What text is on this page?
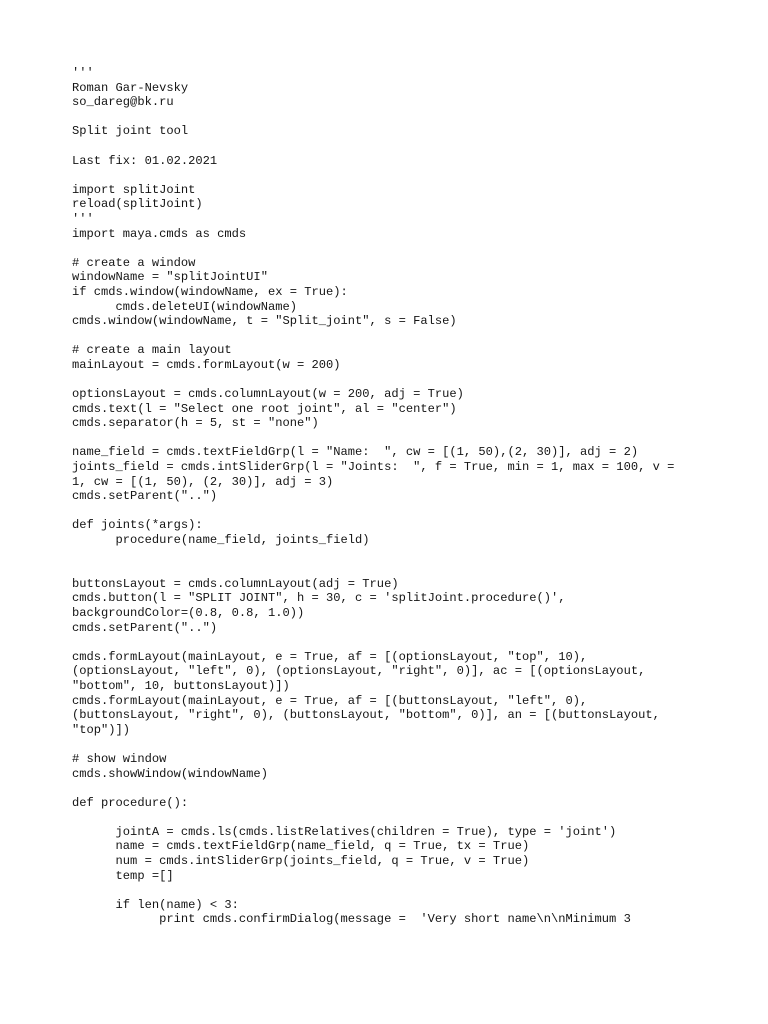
'''
Roman Gar-Nevsky
so_dareg@bk.ru
Split joint tool
Last fix: 01.02.2021
import splitJoint
reload(splitJoint)
'''
import maya.cmds as cmds
# create a window
windowName = "splitJointUI"
if cmds.window(windowName, ex = True):
cmds.deleteUI(windowName)
cmds.window(windowName, t = "Split_joint", s = False)
# create a main layout
mainLayout = cmds.formLayout(w = 200)
optionsLayout = cmds.columnLayout(w = 200, adj = True)
cmds.text(l = "Select one root joint", al = "center")
cmds.separator(h = 5, st = "none")
name_field = cmds.textFieldGrp(l = "Name:  ", cw = [(1, 50),(2, 30)], adj = 2)
joints_field = cmds.intSliderGrp(l = "Joints:  ", f = True, min = 1, max = 100, v =
1, cw = [(1, 50), (2, 30)], adj = 3)
cmds.setParent("..")
def joints(*args):
procedure(name_field, joints_field)
buttonsLayout = cmds.columnLayout(adj = True)
cmds.button(l = "SPLIT JOINT", h = 30, c = 'splitJoint.procedure()',
backgroundColor=(0.8, 0.8, 1.0))
cmds.setParent("..")
cmds.formLayout(mainLayout, e = True, af = [(optionsLayout, "top", 10),
(optionsLayout, "left", 0), (optionsLayout, "right", 0)], ac = [(optionsLayout,
"bottom", 10, buttonsLayout)])
cmds.formLayout(mainLayout, e = True, af = [(buttonsLayout, "left", 0),
(buttonsLayout, "right", 0), (buttonsLayout, "bottom", 0)], an = [(buttonsLayout,
"top")])
# show window
cmds.showWindow(windowName)
def procedure():
jointA = cmds.ls(cmds.listRelatives(children = True), type = 'joint')
name = cmds.textFieldGrp(name_field, q = True, tx = True)
num = cmds.intSliderGrp(joints_field, q = True, v = True)
temp =[]
if len(name) < 3:
print cmds.confirmDialog(message =  'Very short name\n\nMinimum 3
